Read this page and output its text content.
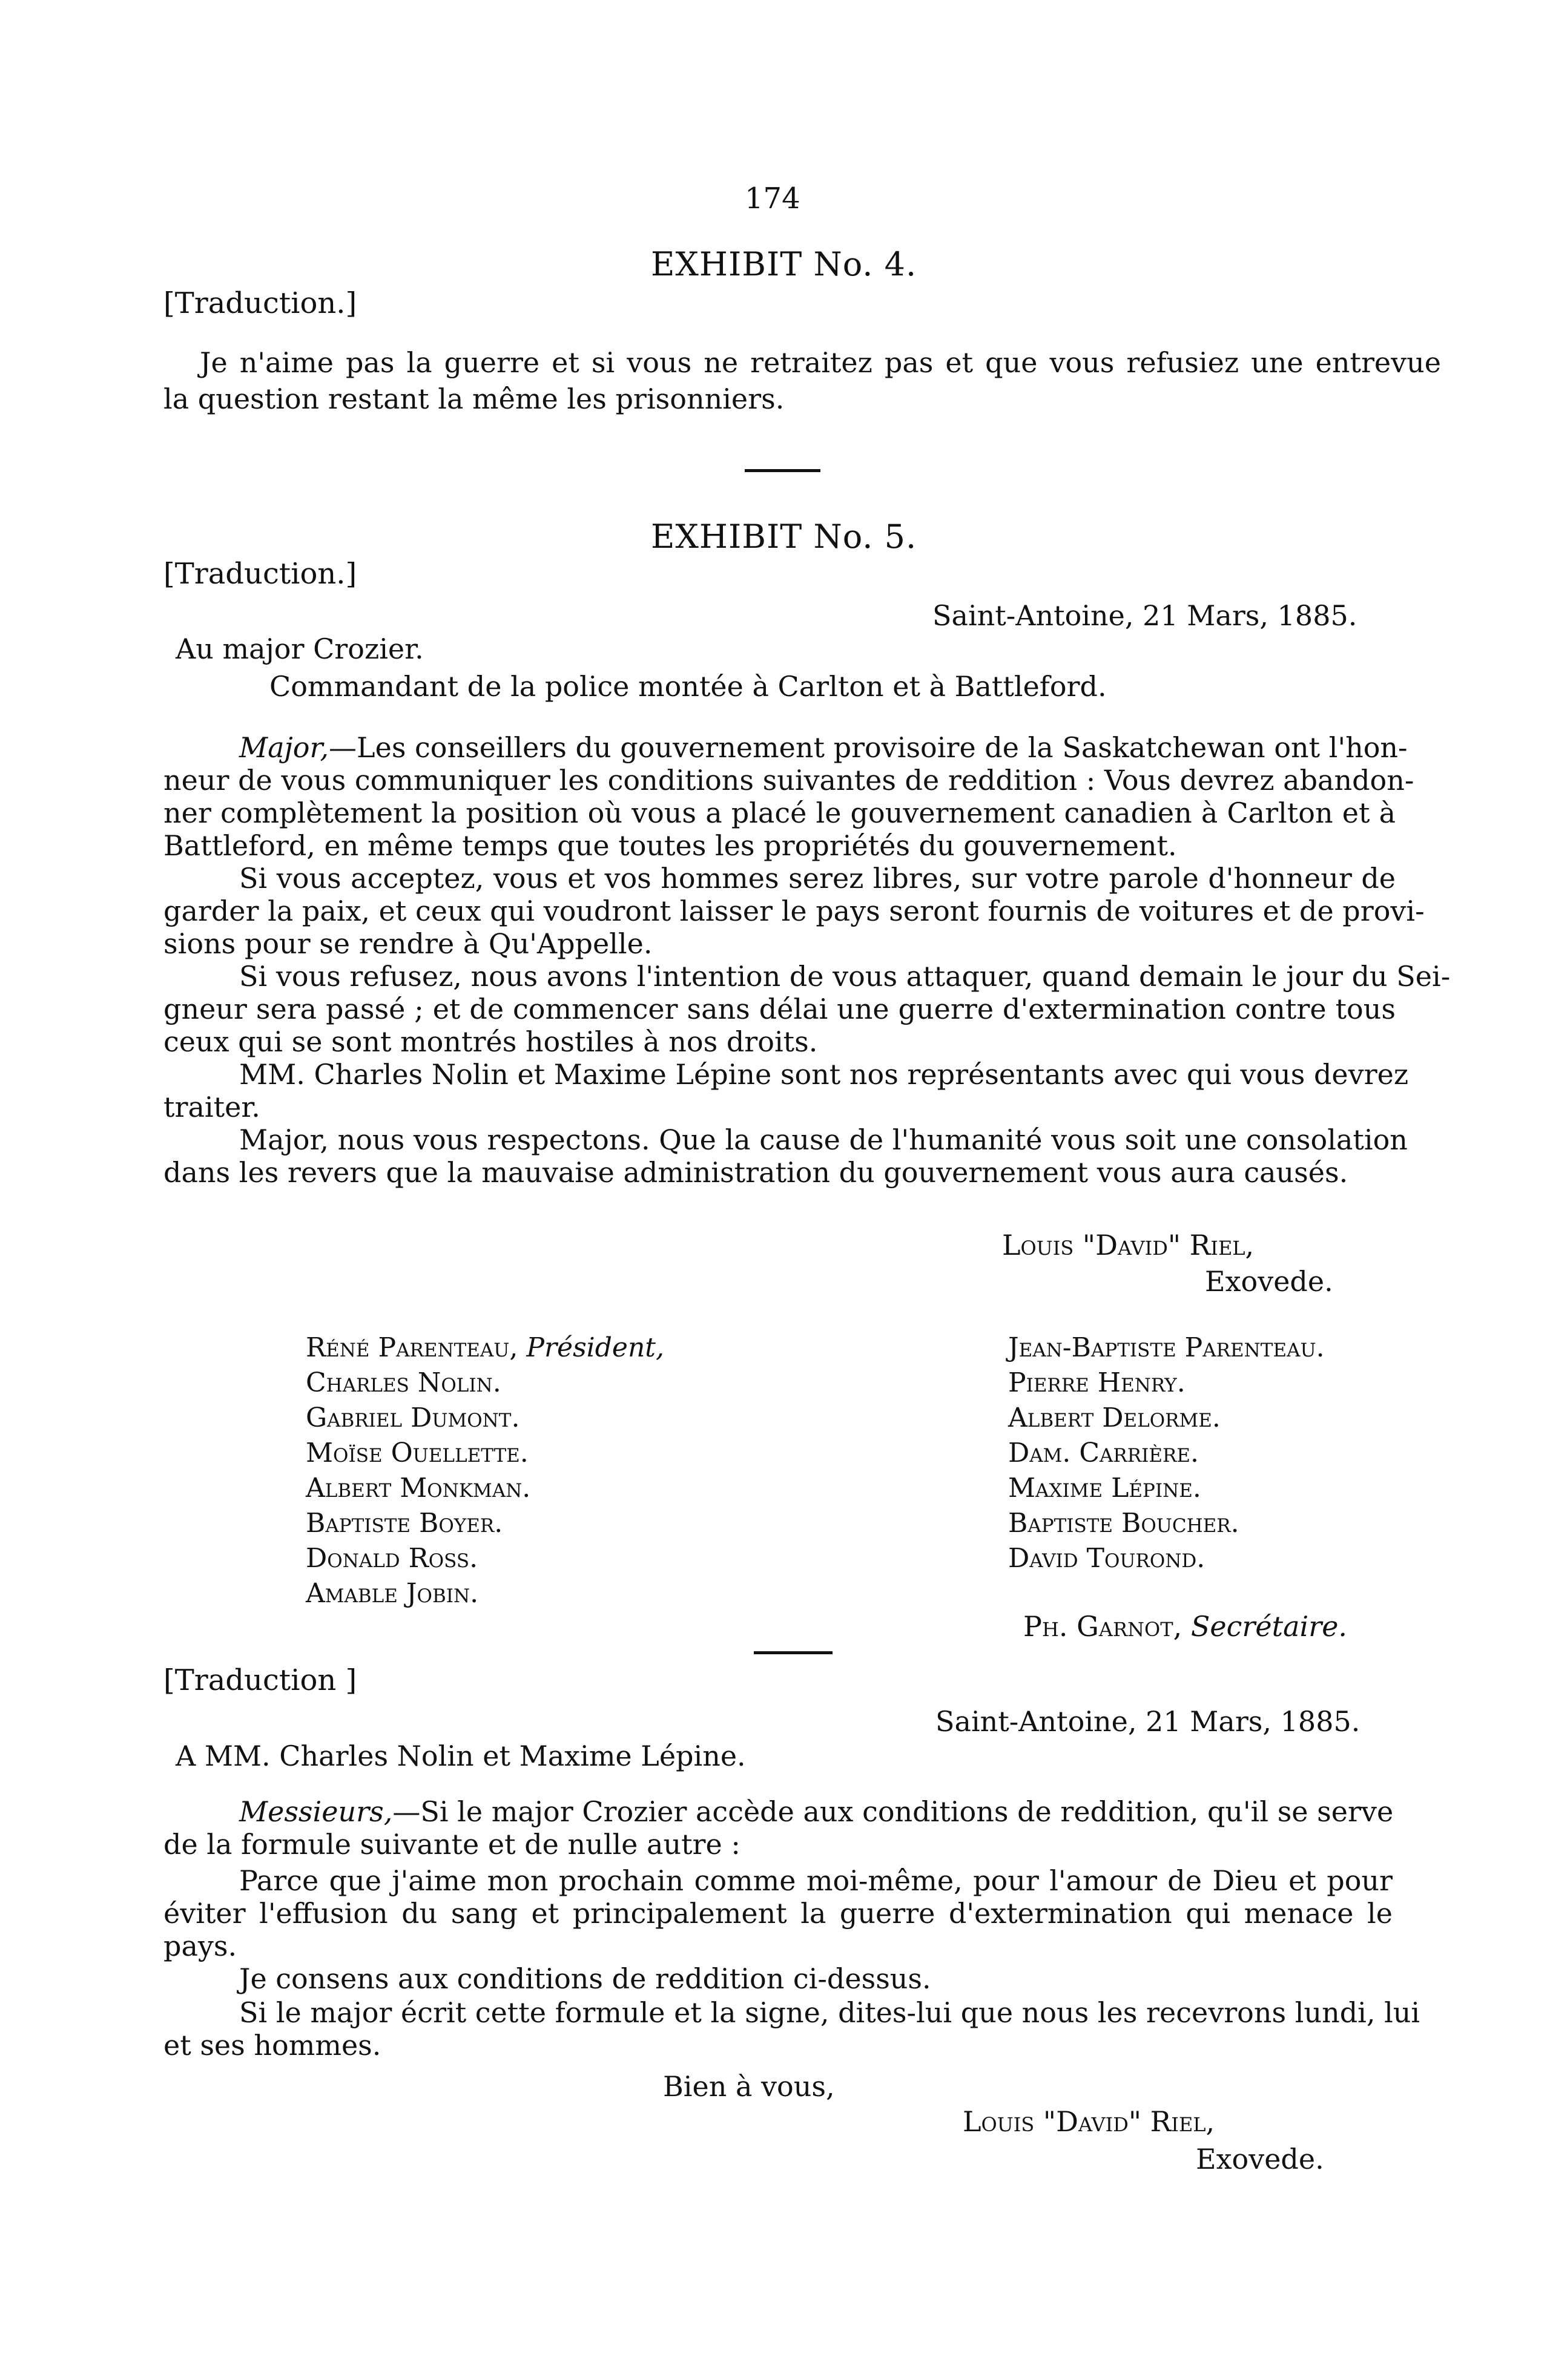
174
EXHIBIT No. 4.
[Traduction.]
Je n'aime pas la guerre et si vous ne retraitez pas et que vous refusiez une entrevue
la question restant la même les prisonniers.
EXHIBIT No. 5.
[Traduction.]
Saint-Antoine, 21 Mars, 1885.
Au major Crozier.
Commandant de la police montée à Carlton et à Battleford.
Major,—Les conseillers du gouvernement provisoire de la Saskatchewan ont l'hon-
neur de vous communiquer les conditions suivantes de reddition : Vous devrez abandon-
ner complètement la position où vous a placé le gouvernement canadien à Carlton et à
Battleford, en même temps que toutes les propriétés du gouvernement.
Si vous acceptez, vous et vos hommes serez libres, sur votre parole d'honneur de
garder la paix, et ceux qui voudront laisser le pays seront fournis de voitures et de provi-
sions pour se rendre à Qu'Appelle.
Si vous refusez, nous avons l'intention de vous attaquer, quand demain le jour du Sei-
gneur sera passé ; et de commencer sans délai une guerre d'extermination contre tous
ceux qui se sont montrés hostiles à nos droits.
MM. Charles Nolin et Maxime Lépine sont nos représentants avec qui vous devrez
traiter.
Major, nous vous respectons. Que la cause de l'humanité vous soit une consolation
dans les revers que la mauvaise administration du gouvernement vous aura causés.
Louis "David" Riel,
Exovede.
Réné Parenteau, Président,
Charles Nolin.
Gabriel Dumont.
Moïse Ouellette.
Albert Monkman.
Baptiste Boyer.
Donald Ross.
Amable Jobin.
Jean-Baptiste Parenteau.
Pierre Henry.
Albert Delorme.
Dam. Carrière.
Maxime Lépine.
Baptiste Boucher.
David Tourond.
Ph. Garnot, Secrétaire.
[Traduction ]
Saint-Antoine, 21 Mars, 1885.
A MM. Charles Nolin et Maxime Lépine.
Messieurs,—Si le major Crozier accède aux conditions de reddition, qu'il se serve
de la formule suivante et de nulle autre :
Parce que j'aime mon prochain comme moi-même, pour l'amour de Dieu et pour
éviter l'effusion du sang et principalement la guerre d'extermination qui menace le
pays.
Je consens aux conditions de reddition ci-dessus.
Si le major écrit cette formule et la signe, dites-lui que nous les recevrons lundi, lui
et ses hommes.
Bien à vous,
Louis "David" Riel,
Exovede.
